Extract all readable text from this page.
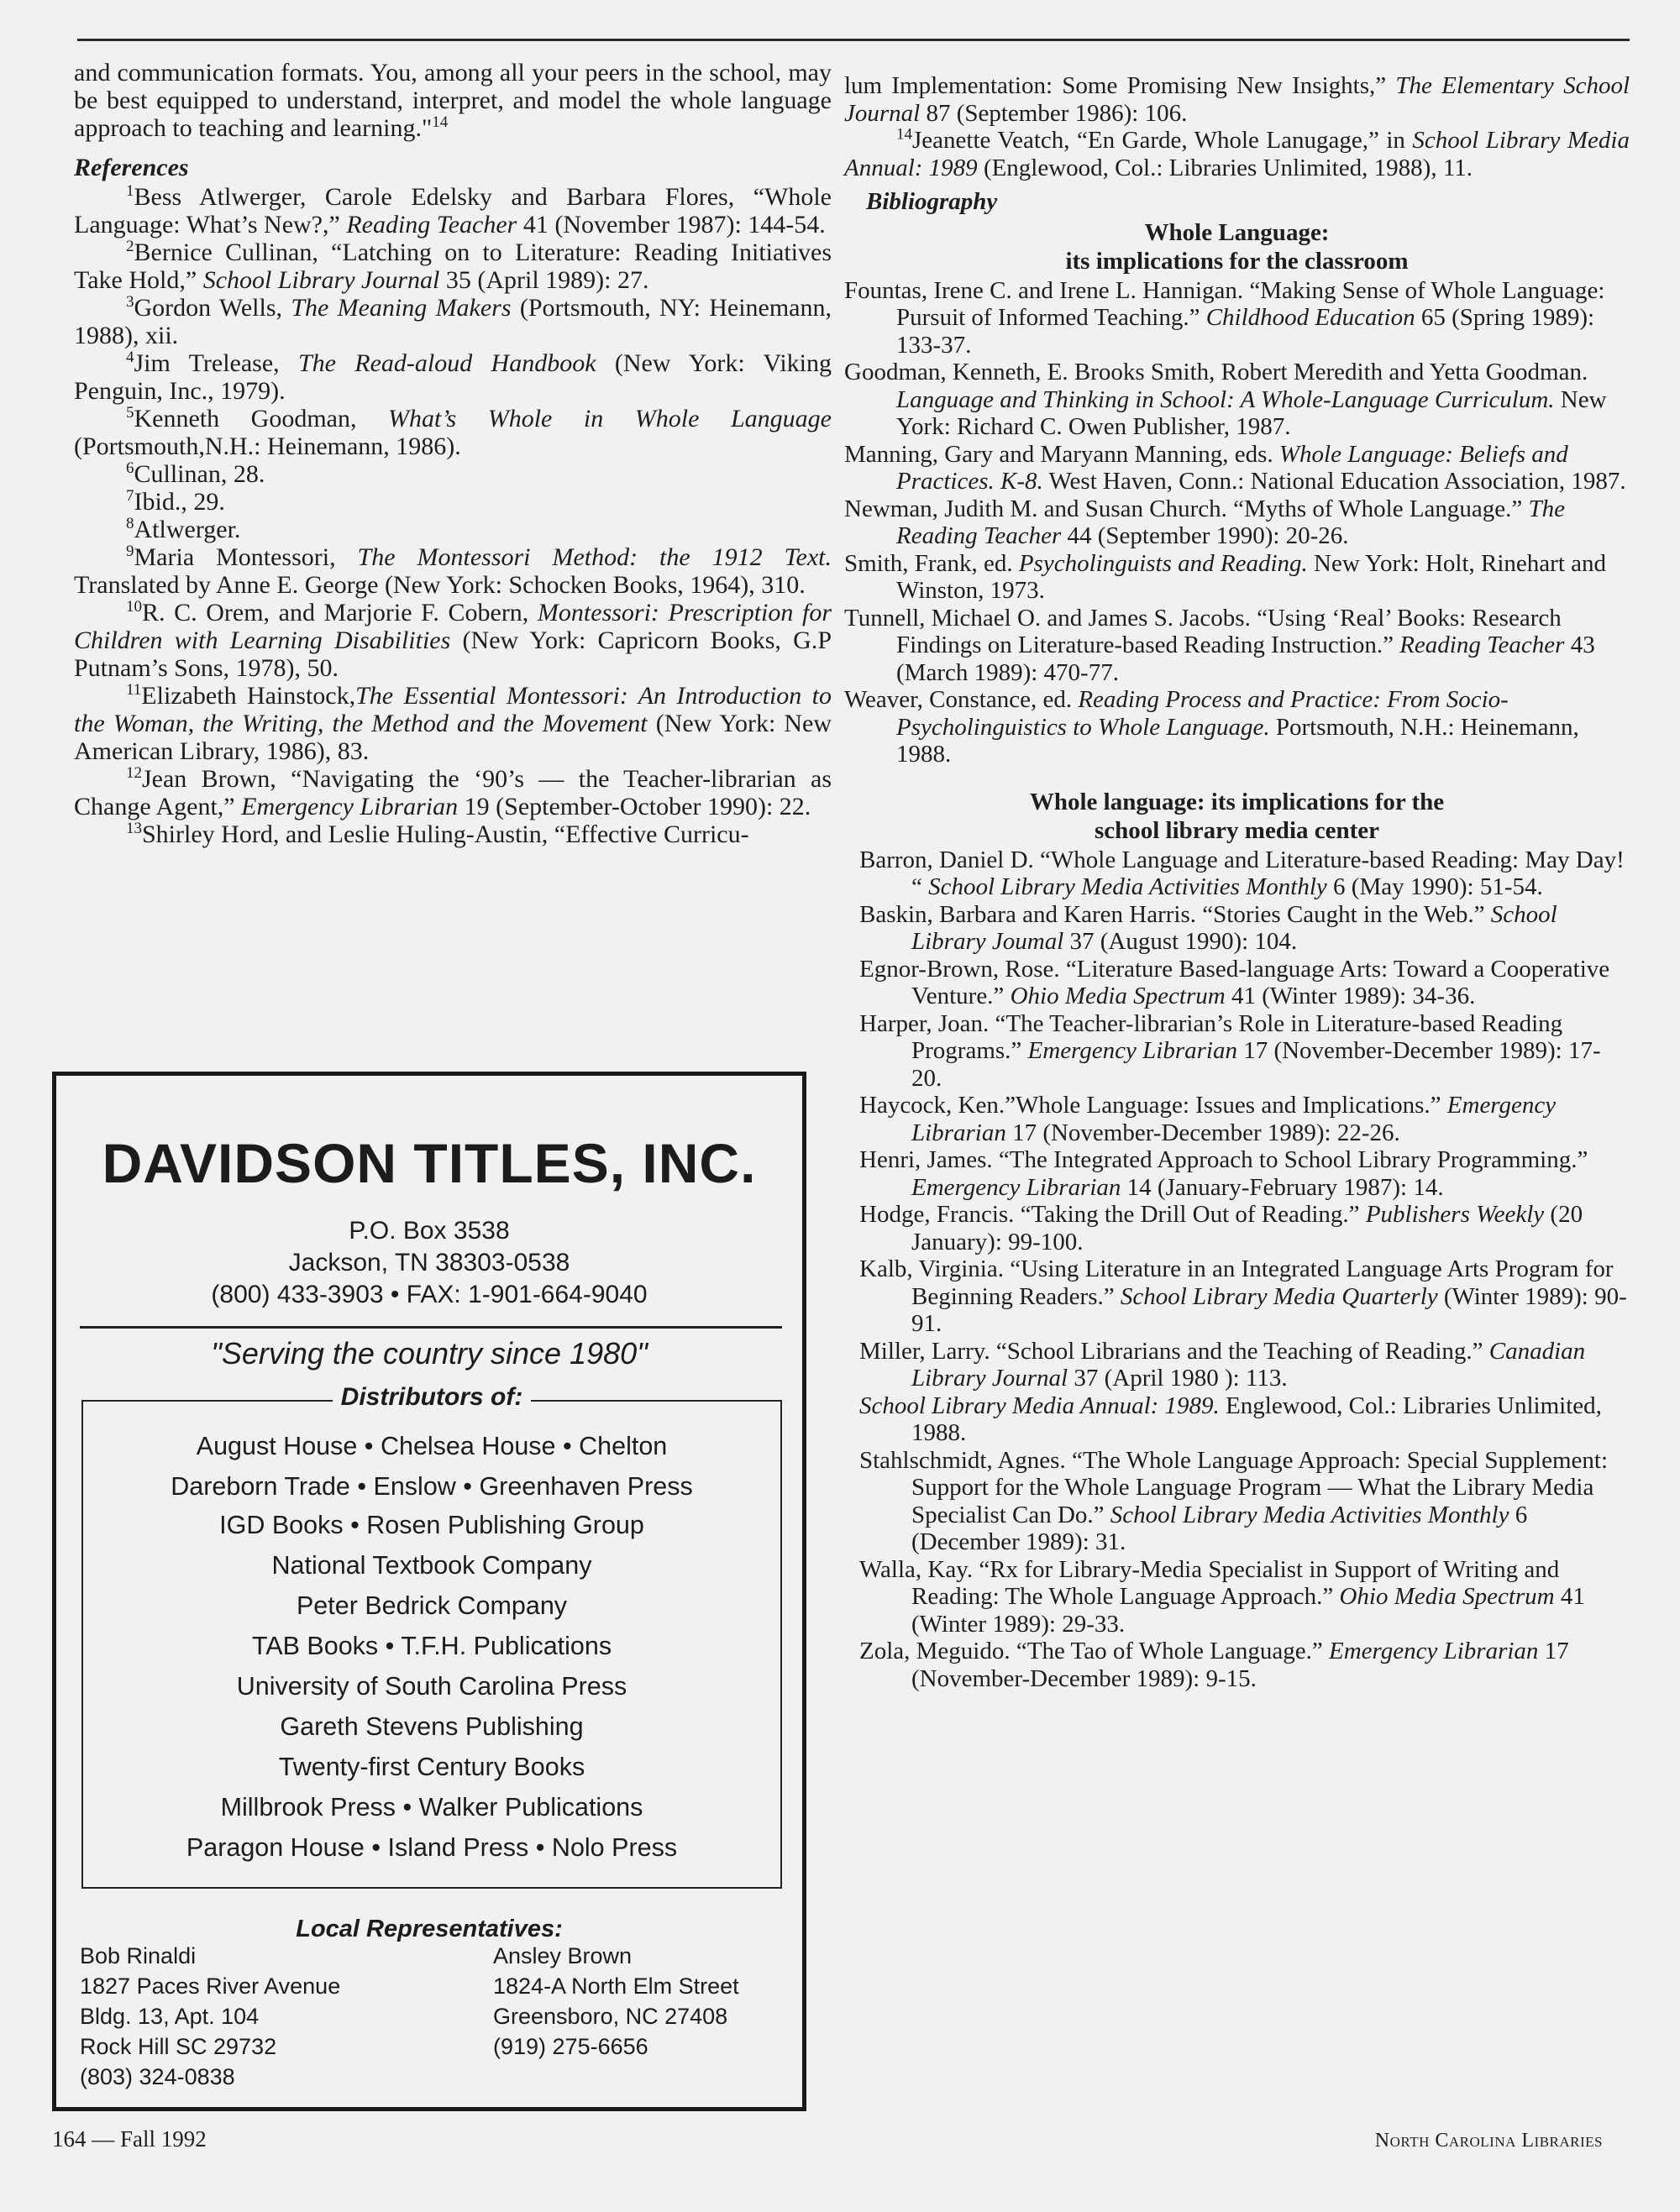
and communication formats. You, among all your peers in the school, may be best equipped to understand, interpret, and model the whole language approach to teaching and learning."$^{14}$

References

$^1$Bess Atlwerger, Carole Edelsky and Barbara Flores, “Whole Language: What’s New?,” Reading Teacher 41 (November 1987): 144-54.

$^2$Bernice Cullinan, “Latching on to Literature: Reading Initiatives Take Hold,” School Library Journal 35 (April 1989): 27.

$^3$Gordon Wells, The Meaning Makers (Portsmouth, NY: Heinemann, 1988), xii.

$^4$Jim Trelease, The Read-aloud Handbook (New York: Viking Penguin, Inc., 1979).

$^5$Kenneth Goodman, What’s Whole in Whole Language (Portsmouth,N.H.: Heinemann, 1986).

$^6$Cullinan, 28.

$^7$Ibid., 29.

$^8$Atlwerger.

$^9$Maria Montessori, The Montessori Method: the 1912 Text. Translated by Anne E. George (New York: Schocken Books, 1964), 310.

$^{10}$R. C. Orem, and Marjorie F. Cobern, Montessori: Prescription for Children with Learning Disabilities (New York: Capricorn Books, G.P Putnam’s Sons, 1978), 50.

$^{11}$Elizabeth Hainstock,The Essential Montessori: An Introduction to the Woman, the Writing, the Method and the Movement (New York: New American Library, 1986), 83.

$^{12}$Jean Brown, “Navigating the ‘90’s — the Teacher-librarian as Change Agent,” Emergency Librarian 19 (September-October 1990): 22.

$^{13}$Shirley Hord, and Leslie Huling-Austin, “Effective Curricu-

lum Implementation: Some Promising New Insights,” The Elementary School Journal 87 (September 1986): 106.

$^{14}$Jeanette Veatch, “En Garde, Whole Lanugage,” in School Library Media Annual: 1989 (Englewood, Col.: Libraries Unlimited, 1988), 11.

Bibliography
Whole Language:
its implications for the classroom

Fountas, Irene C. and Irene L. Hannigan. “Making Sense of Whole Language: Pursuit of Informed Teaching.” Childhood Education 65 (Spring 1989): 133-37.

Goodman, Kenneth, E. Brooks Smith, Robert Meredith and Yetta Goodman. Language and Thinking in School: A Whole-Language Curriculum. New York: Richard C. Owen Publisher, 1987.

Manning, Gary and Maryann Manning, eds. Whole Language: Beliefs and Practices. K-8. West Haven, Conn.: National Education Association, 1987.

Newman, Judith M. and Susan Church. “Myths of Whole Language.” The Reading Teacher 44 (September 1990): 20-26.

Smith, Frank, ed. Psycholinguists and Reading. New York: Holt, Rinehart and Winston, 1973.

Tunnell, Michael O. and James S. Jacobs. “Using ‘Real’ Books: Research Findings on Literature-based Reading Instruction.” Reading Teacher 43 (March 1989): 470-77.

Weaver, Constance, ed. Reading Process and Practice: From Socio-Psycholinguistics to Whole Language. Portsmouth, N.H.: Heinemann, 1988.

Whole language: its implications for the
school library media center

Barron, Daniel D. “Whole Language and Literature-based Reading: May Day! “ School Library Media Activities Monthly 6 (May 1990): 51-54.

Baskin, Barbara and Karen Harris. “Stories Caught in the Web.” School Library Joumal 37 (August 1990): 104.

Egnor-Brown, Rose. “Literature Based-language Arts: Toward a Cooperative Venture.” Ohio Media Spectrum 41 (Winter 1989): 34-36.

Harper, Joan. “The Teacher-librarian’s Role in Literature-based Reading Programs.” Emergency Librarian 17 (November-December 1989): 17-20.

Haycock, Ken.”Whole Language: Issues and Implications.” Emergency Librarian 17 (November-December 1989): 22-26.

Henri, James. “The Integrated Approach to School Library Programming.” Emergency Librarian 14 (January-February 1987): 14.

Hodge, Francis. “Taking the Drill Out of Reading.” Publishers Weekly (20 January): 99-100.

Kalb, Virginia. “Using Literature in an Integrated Language Arts Program for Beginning Readers.” School Library Media Quarterly (Winter 1989): 90-91.

Miller, Larry. “School Librarians and the Teaching of Reading.” Canadian Library Journal 37 (April 1980 ): 113.

School Library Media Annual: 1989. Englewood, Col.: Libraries Unlimited, 1988.

Stahlschmidt, Agnes. “The Whole Language Approach: Special Supplement: Support for the Whole Language Program — What the Library Media Specialist Can Do.” School Library Media Activities Monthly 6 (December 1989): 31.

Walla, Kay. “Rx for Library-Media Specialist in Support of Writing and Reading: The Whole Language Approach.” Ohio Media Spectrum 41 (Winter 1989): 29-33.

Zola, Meguido. “The Tao of Whole Language.” Emergency Librarian 17 (November-December 1989): 9-15.

DAVIDSON TITLES, INC.
P.O. Box 3538
Jackson, TN 38303-0538
(800) 433-3903 • FAX: 1-901-664-9040
"Serving the country since 1980"
Distributors of:
August House • Chelsea House • Chelton
Dareborn Trade • Enslow • Greenhaven Press
IGD Books • Rosen Publishing Group
National Textbook Company
Peter Bedrick Company
TAB Books • T.F.H. Publications
University of South Carolina Press
Gareth Stevens Publishing
Twenty-first Century Books
Millbrook Press • Walker Publications
Paragon House • Island Press • Nolo Press
Local Representatives:
Bob Rinaldi
1827 Paces River Avenue
Bldg. 13, Apt. 104
Rock Hill SC 29732
(803) 324-0838
Ansley Brown
1824-A North Elm Street
Greensboro, NC 27408
(919) 275-6656
164 — Fall 1992	North Carolina Libraries
